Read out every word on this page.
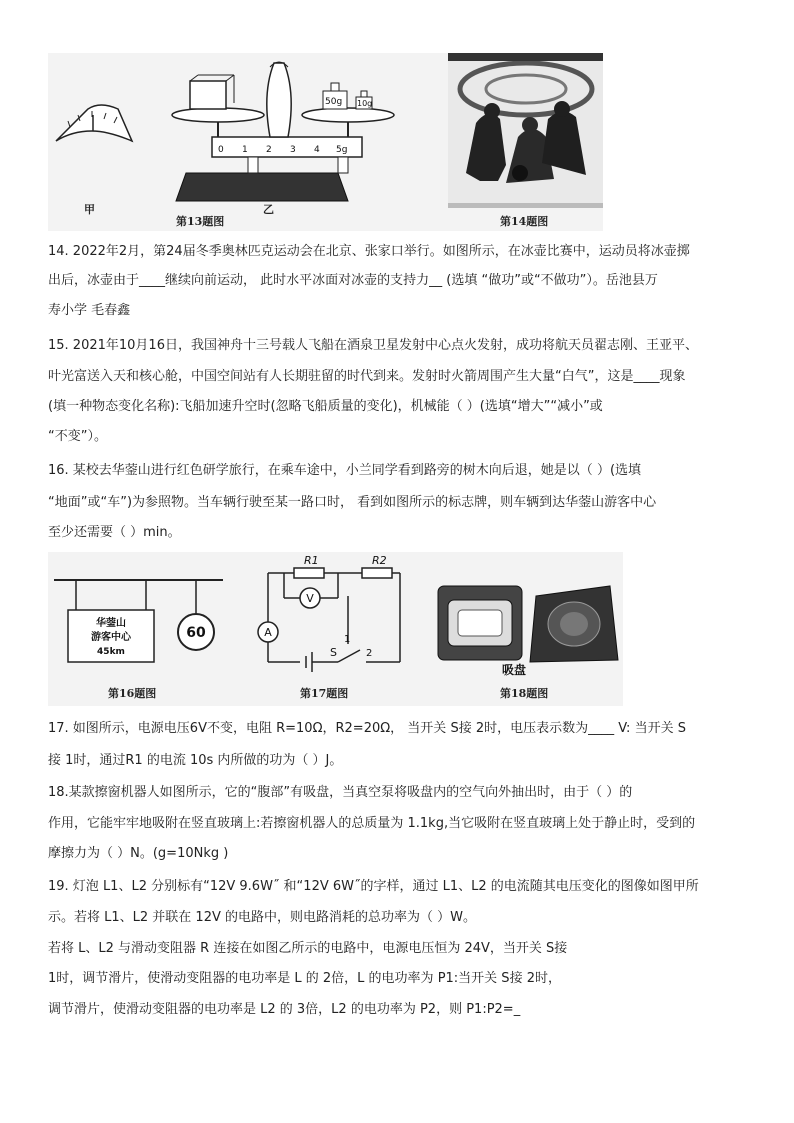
50g 10g
0 1 2 3 4 5g
甲	乙
第13题图	第14题图
14. 2022年2月，第24届冬季奥林匹克运动会在北京、张家口举行。如图所示，在冰壶比赛中，运动员将冰壶掷
出后，冰壶由于____继续向前运动， 此时水平冰面对冰壶的支持力__ (选填 “做功”或“不做功”）。岳池县万
寿小学 毛春鑫
15. 2021年10月16日，我国神舟十三号载人飞船在酒泉卫星发射中心点火发射，成功将航天员翟志刚、王亚平、
叶光富送入天和核心舱，中国空间站有人长期驻留的时代到来。发射时火箭周围产生大量“白气”，这是____现象
(填一种物态变化名称):飞船加速升空时(忽略飞船质量的变化)，机械能（ ）(选填“增大”“减小”或
“不变”）。
16. 某校去华蓥山进行红色研学旅行，在乘车途中，小兰同学看到路旁的树木向后退，她是以（ ）(选填
“地面”或“车”)为参照物。当车辆行驶至某一路口时， 看到如图所示的标志牌，则车辆到达华蓥山游客中心
至少还需要（ ）min。
华蓥山
游客中心
45km
60
V
A
R1	R2
S
1
2
吸盘
第16题图	第17题图	第18题图
17. 如图所示，电源电压6V不变，电阻 R=10Ω，R2=20Ω， 当开关 S接 2时，电压表示数为____ V: 当开关 S
接 1时，通过R1 的电流 10s 内所做的功为（ ）J。
18.某款擦窗机器人如图所示，它的“腹部”有吸盘，当真空泵将吸盘内的空气向外抽出时，由于（ ）的
作用，它能牢牢地吸附在竖直玻璃上:若擦窗机器人的总质量为 1.1kg,当它吸附在竖直玻璃上处于静止时，受到的
摩擦力为（ ）N。(g=10Nkg )
19. 灯泡 L1、L2 分别标有“12V 9.6W˝ 和“12V 6W˝的字样，通过 L1、L2 的电流随其电压变化的图像如图甲所
示。若将 L1、L2 并联在 12V 的电路中，则电路消耗的总功率为（ ）W。
若将 L、L2 与滑动变阻器 R 连接在如图乙所示的电路中，电源电压恒为 24V，当开关 S接
1时，调节滑片，使滑动变阻器的电功率是 L 的 2倍，L 的电功率为 P1:当开关 S接 2时，
调节滑片，使滑动变阻器的电功率是 L2 的 3倍，L2 的电功率为 P2，则 P1:P2=_
